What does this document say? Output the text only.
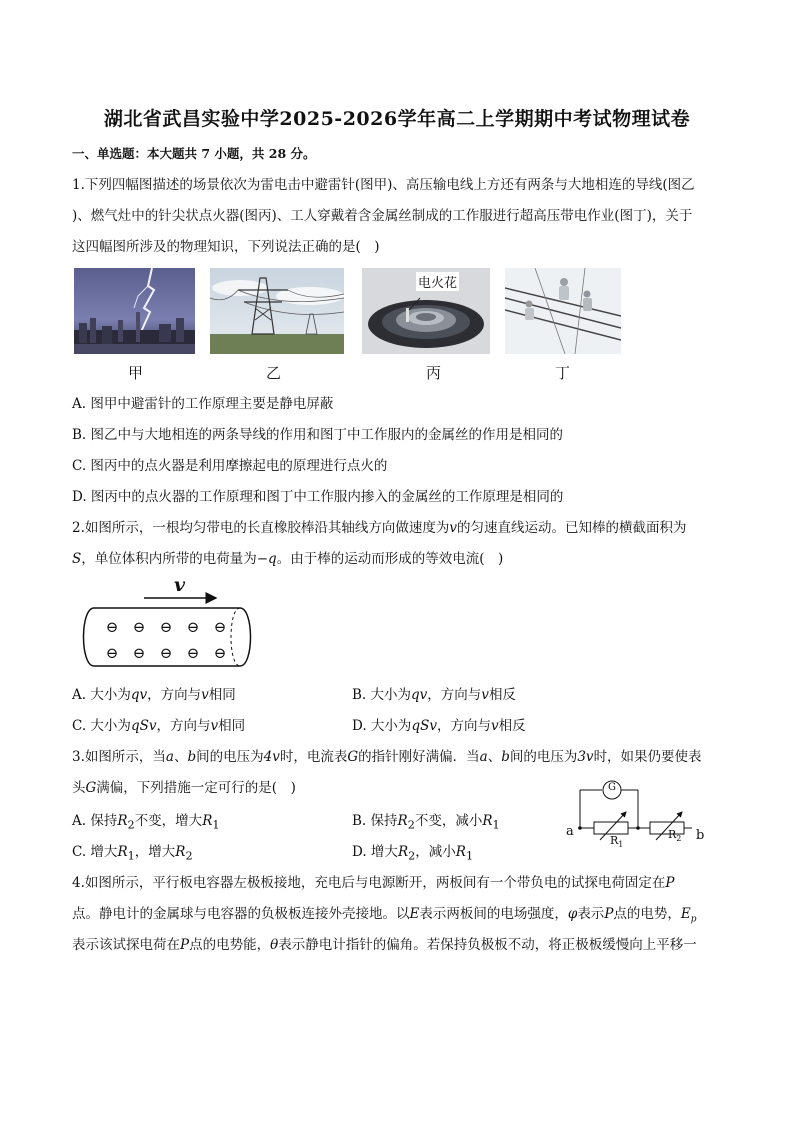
湖北省武昌实验中学2025-2026学年高二上学期期中考试物理试卷
一、单选题：本大题共 7 小题，共 28 分。
1.下列四幅图描述的场景依次为雷电击中避雷针(图甲)、高压输电线上方还有两条与大地相连的导线(图乙
)、燃气灶中的针尖状点火器(图丙)、工人穿戴着含金属丝制成的工作服进行超高压带电作业(图丁)，关于
这四幅图所涉及的物理知识，下列说法正确的是(　)
电火花
甲	乙	丙	丁
A. 图甲中避雷针的工作原理主要是静电屏蔽
B. 图乙中与大地相连的两条导线的作用和图丁中工作服内的金属丝的作用是相同的
C. 图丙中的点火器是利用摩擦起电的原理进行点火的
D. 图丙中的点火器的工作原理和图丁中工作服内掺入的金属丝的工作原理是相同的
2.如图所示，一根均匀带电的长直橡胶棒沿其轴线方向做速度为v的匀速直线运动。已知棒的横截面积为
S，单位体积内所带的电荷量为−q。由于棒的运动而形成的等效电流(　)
⊖ ⊖ ⊖ ⊖ ⊖
⊖ ⊖ ⊖ ⊖ ⊖
v
A. 大小为qv，方向与v相同	B. 大小为qv，方向与v相反
C. 大小为qSv，方向与v相同	D. 大小为qSv，方向与v相反
3.如图所示，当a、b间的电压为4v时，电流表G的指针刚好满偏．当a、b间的电压为3v时，如果仍要使表
头G满偏，下列措施一定可行的是(　)
A. 保持$R_2$不变，增大$R_1$	B. 保持$R_2$不变，减小$R_1$
C. 增大$R_1$，增大$R_2$	D. 增大$R_2$，减小$R_1$
G
a	b
$R_1$
$R_2$
4.如图所示，平行板电容器左极板接地，充电后与电源断开，两板间有一个带负电的试探电荷固定在P
点。静电计的金属球与电容器的负极板连接外壳接地。以E表示两板间的电场强度，φ表示P点的电势，$E_p$
表示该试探电荷在P点的电势能，θ表示静电计指针的偏角。若保持负极板不动，将正极板缓慢向上平移一
